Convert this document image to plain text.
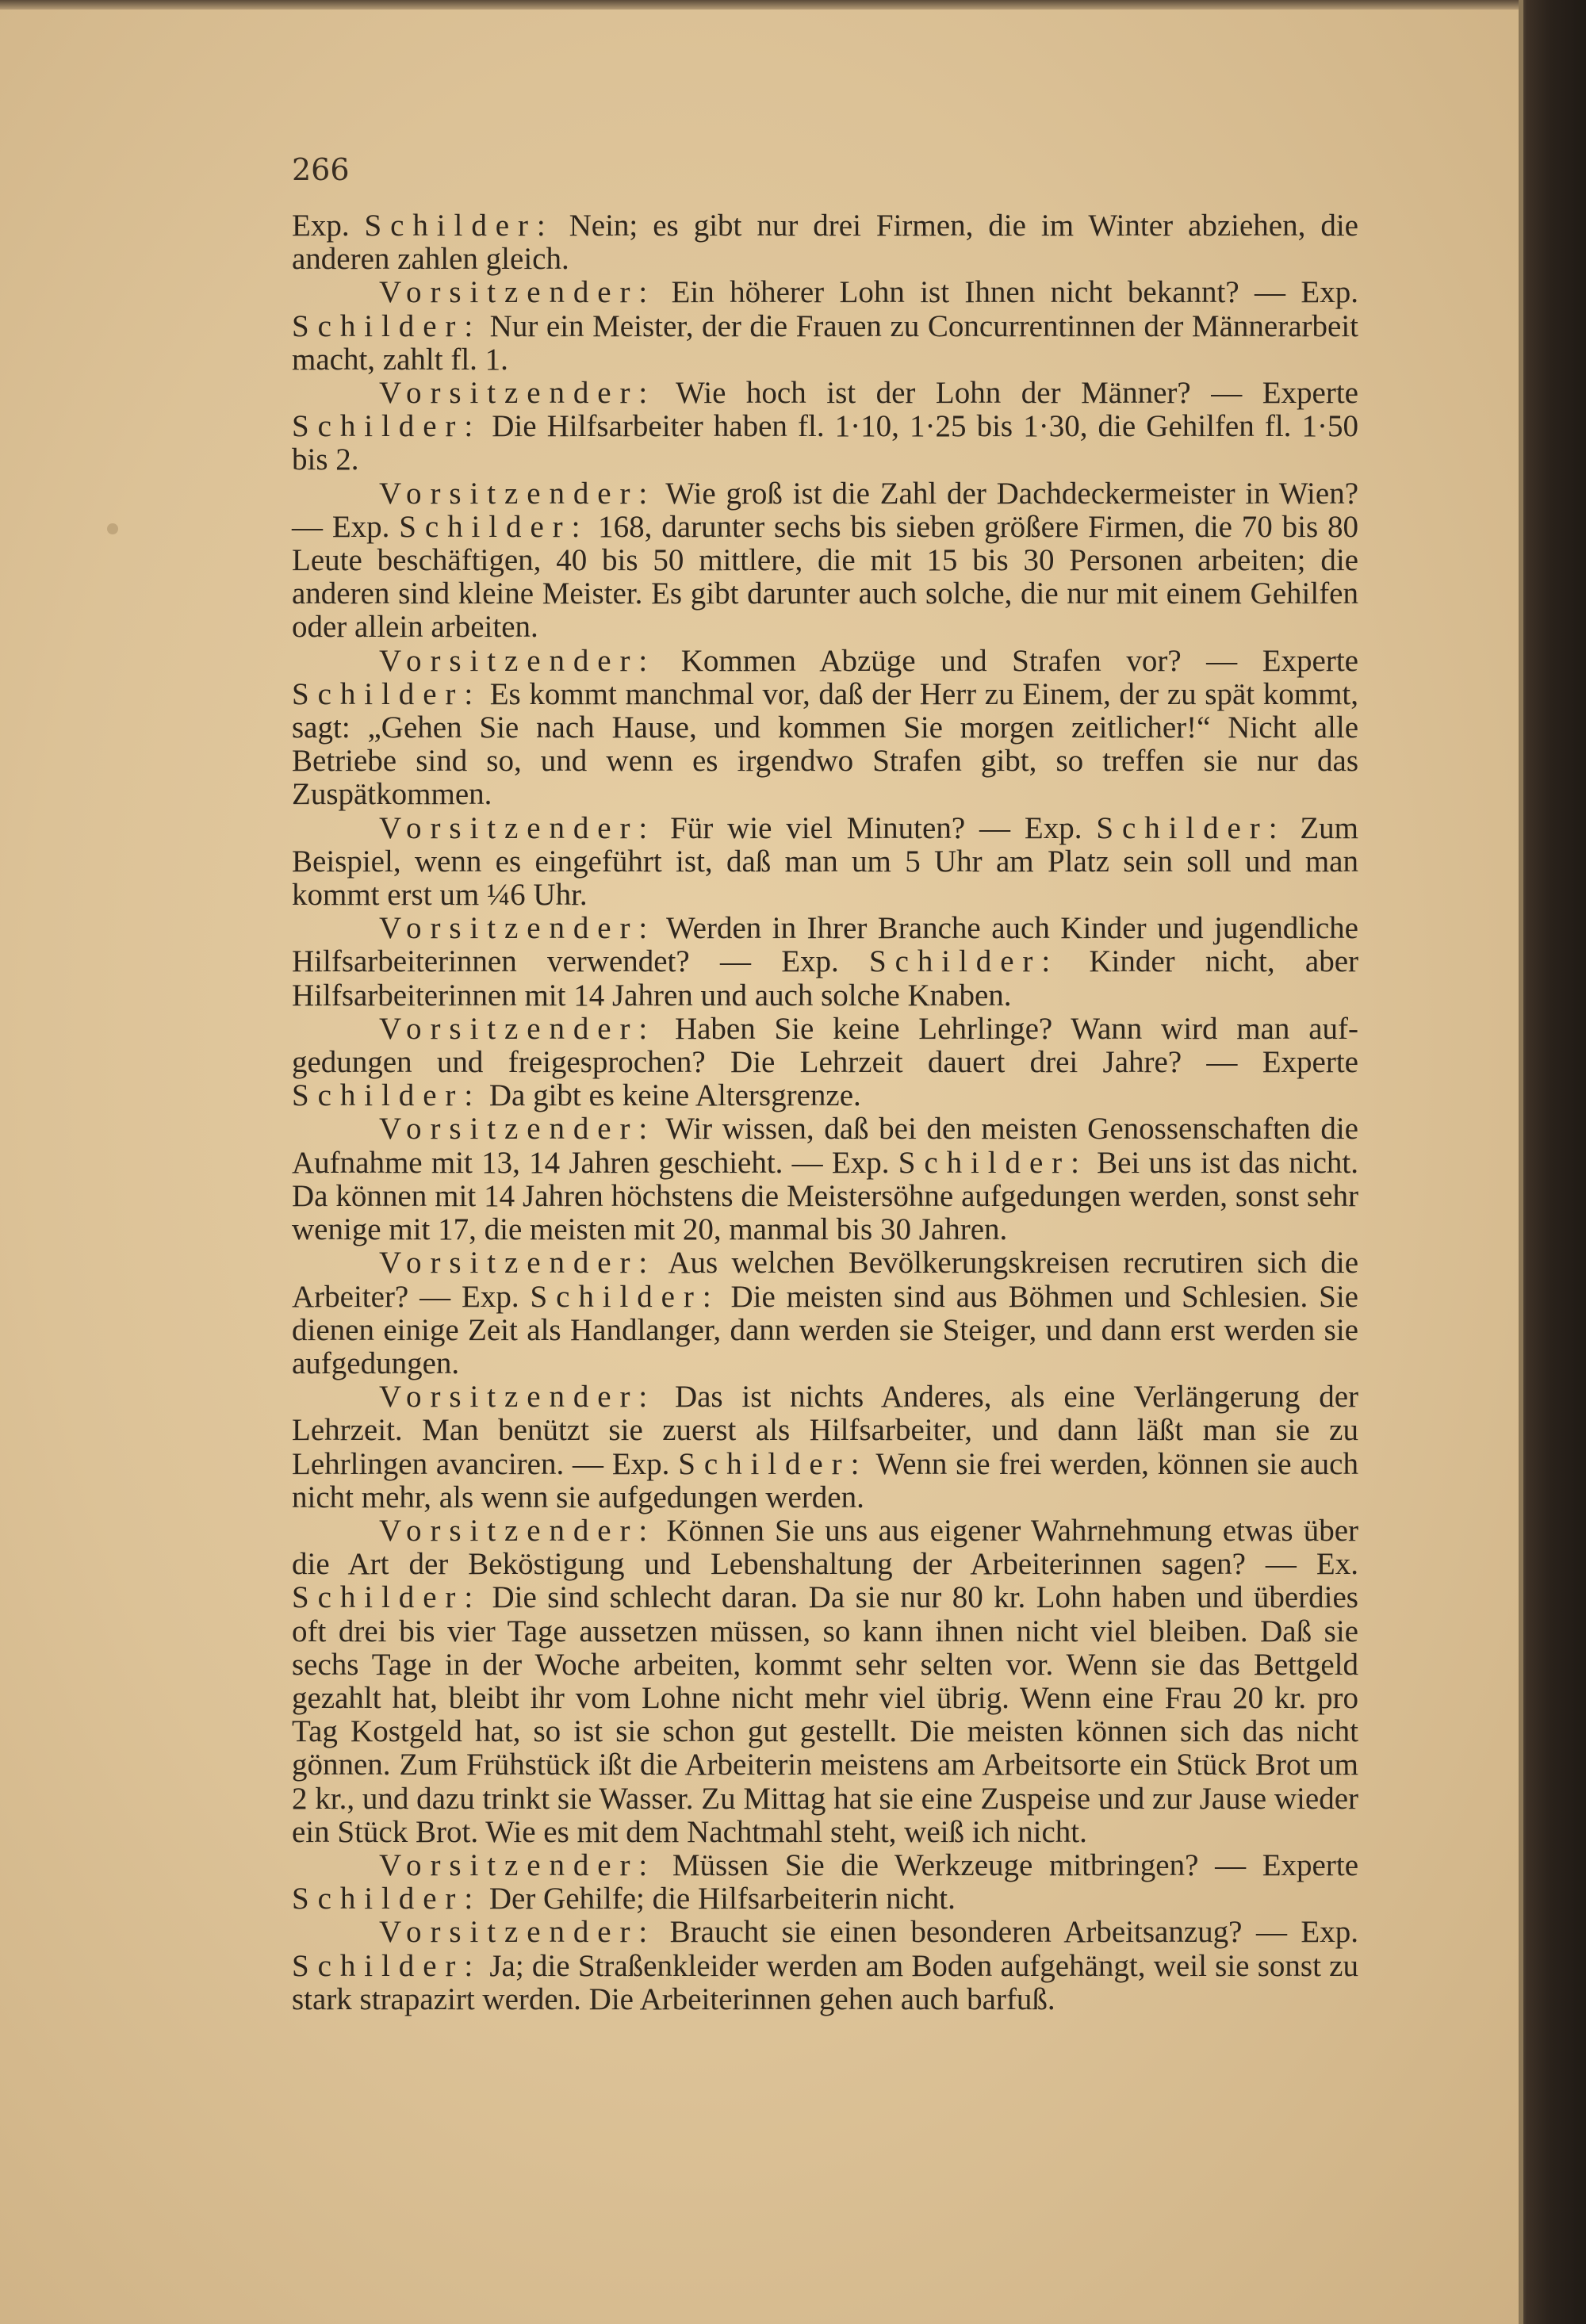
266

Exp. Schilder: Nein; es gibt nur drei Firmen, die im Winter abziehen, die anderen zahlen gleich.

Vorsitzender: Ein höherer Lohn ist Ihnen nicht bekannt? — Exp. Schilder: Nur ein Meister, der die Frauen zu Concurrentinnen der Männerarbeit macht, zahlt fl. 1.

Vorsitzender: Wie hoch ist der Lohn der Männer? — Experte Schilder: Die Hilfsarbeiter haben fl. 1·10, 1·25 bis 1·30, die Gehilfen fl. 1·50 bis 2.

Vorsitzender: Wie groß ist die Zahl der Dachdeckermeister in Wien? — Exp. Schilder: 168, darunter sechs bis sieben größere Firmen, die 70 bis 80 Leute beschäftigen, 40 bis 50 mittlere, die mit 15 bis 30 Personen arbeiten; die anderen sind kleine Meister. Es gibt darunter auch solche, die nur mit einem Gehilfen oder allein arbeiten.

Vorsitzender: Kommen Abzüge und Strafen vor? — Experte Schilder: Es kommt manchmal vor, daß der Herr zu Einem, der zu spät kommt, sagt: „Gehen Sie nach Hause, und kommen Sie morgen zeitlicher!“ Nicht alle Betriebe sind so, und wenn es irgendwo Strafen gibt, so treffen sie nur das Zuspätkommen.

Vorsitzender: Für wie viel Minuten? — Exp. Schilder: Zum Beispiel, wenn es eingeführt ist, daß man um 5 Uhr am Platz sein soll und man kommt erst um ¼6 Uhr.

Vorsitzender: Werden in Ihrer Branche auch Kinder und jugendliche Hilfsarbeiterinnen verwendet? — Exp. Schilder: Kinder nicht, aber Hilfsarbeiterinnen mit 14 Jahren und auch solche Knaben.

Vorsitzender: Haben Sie keine Lehrlinge? Wann wird man aufgedungen und freigesprochen? Die Lehrzeit dauert drei Jahre? — Experte Schilder: Da gibt es keine Altersgrenze.

Vorsitzender: Wir wissen, daß bei den meisten Genossenschaften die Aufnahme mit 13, 14 Jahren geschieht. — Exp. Schilder: Bei uns ist das nicht. Da können mit 14 Jahren höchstens die Meistersöhne aufgedungen werden, sonst sehr wenige mit 17, die meisten mit 20, manmal bis 30 Jahren.

Vorsitzender: Aus welchen Bevölkerungskreisen recrutiren sich die Arbeiter? — Exp. Schilder: Die meisten sind aus Böhmen und Schlesien. Sie dienen einige Zeit als Handlanger, dann werden sie Steiger, und dann erst werden sie aufgedungen.

Vorsitzender: Das ist nichts Anderes, als eine Verlängerung der Lehrzeit. Man benützt sie zuerst als Hilfsarbeiter, und dann läßt man sie zu Lehrlingen avanciren. — Exp. Schilder: Wenn sie frei werden, können sie auch nicht mehr, als wenn sie aufgedungen werden.

Vorsitzender: Können Sie uns aus eigener Wahrnehmung etwas über die Art der Beköstigung und Lebenshaltung der Arbeiterinnen sagen? — Ex. Schilder: Die sind schlecht daran. Da sie nur 80 kr. Lohn haben und überdies oft drei bis vier Tage aussetzen müssen, so kann ihnen nicht viel bleiben. Daß sie sechs Tage in der Woche arbeiten, kommt sehr selten vor. Wenn sie das Bettgeld gezahlt hat, bleibt ihr vom Lohne nicht mehr viel übrig. Wenn eine Frau 20 kr. pro Tag Kostgeld hat, so ist sie schon gut gestellt. Die meisten können sich das nicht gönnen. Zum Frühstück ißt die Arbeiterin meistens am Arbeitsorte ein Stück Brot um 2 kr., und dazu trinkt sie Wasser. Zu Mittag hat sie eine Zuspeise und zur Jause wieder ein Stück Brot. Wie es mit dem Nachtmahl steht, weiß ich nicht.

Vorsitzender: Müssen Sie die Werkzeuge mitbringen? — Experte Schilder: Der Gehilfe; die Hilfsarbeiterin nicht.

Vorsitzender: Braucht sie einen besonderen Arbeitsanzug? — Exp. Schilder: Ja; die Straßenkleider werden am Boden aufgehängt, weil sie sonst zu stark strapazirt werden. Die Arbeiterinnen gehen auch barfuß.
